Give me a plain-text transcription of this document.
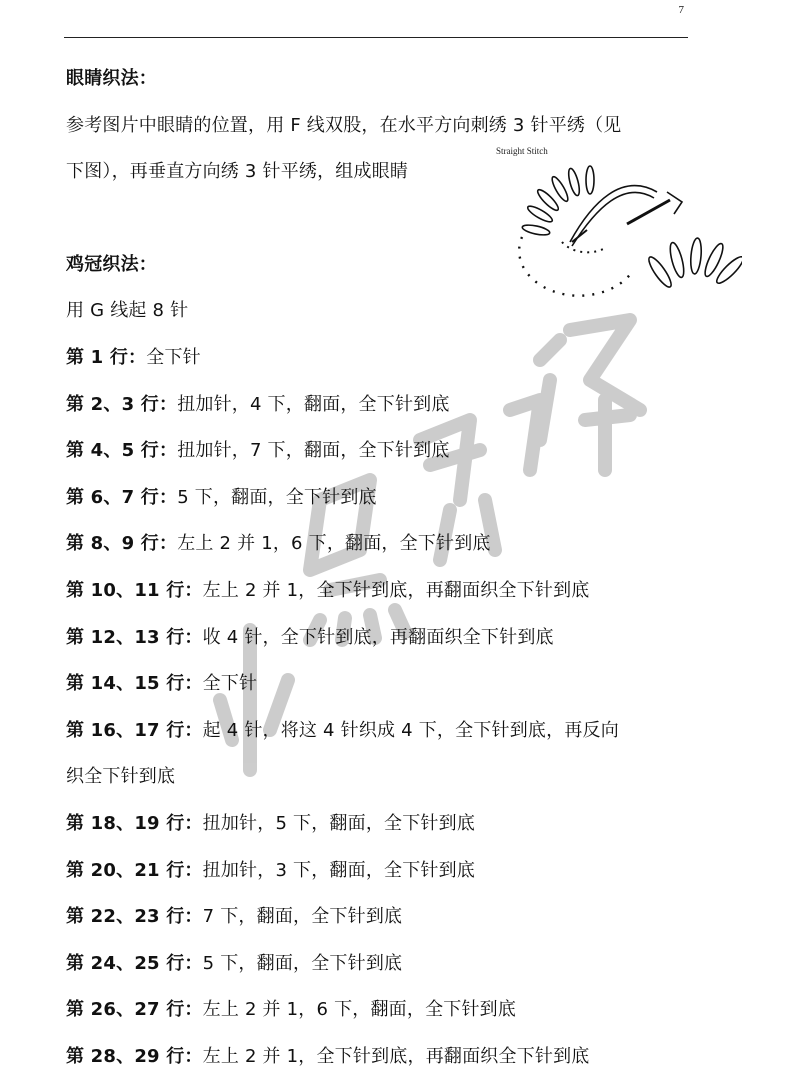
7
眼睛织法：
参考图片中眼睛的位置，用 F 线双股，在水平方向刺绣 3 针平绣（见
下图），再垂直方向绣 3 针平绣，组成眼睛
鸡冠织法：
用 G 线起 8 针
第 1 行：全下针
第 2、3 行：扭加针，4 下，翻面，全下针到底
第 4、5 行：扭加针，7 下，翻面，全下针到底
第 6、7 行：5 下，翻面，全下针到底
第 8、9 行：左上 2 并 1，6 下，翻面，全下针到底
第 10、11 行：左上 2 并 1，全下针到底，再翻面织全下针到底
第 12、13 行：收 4 针，全下针到底，再翻面织全下针到底
第 14、15 行：全下针
第 16、17 行：起 4 针，将这 4 针织成 4 下，全下针到底，再反向
织全下针到底
第 18、19 行：扭加针，5 下，翻面，全下针到底
第 20、21 行：扭加针，3 下，翻面，全下针到底
第 22、23 行：7 下，翻面，全下针到底
第 24、25 行：5 下，翻面，全下针到底
第 26、27 行：左上 2 并 1，6 下，翻面，全下针到底
第 28、29 行：左上 2 并 1，全下针到底，再翻面织全下针到底
Straight Stitch
